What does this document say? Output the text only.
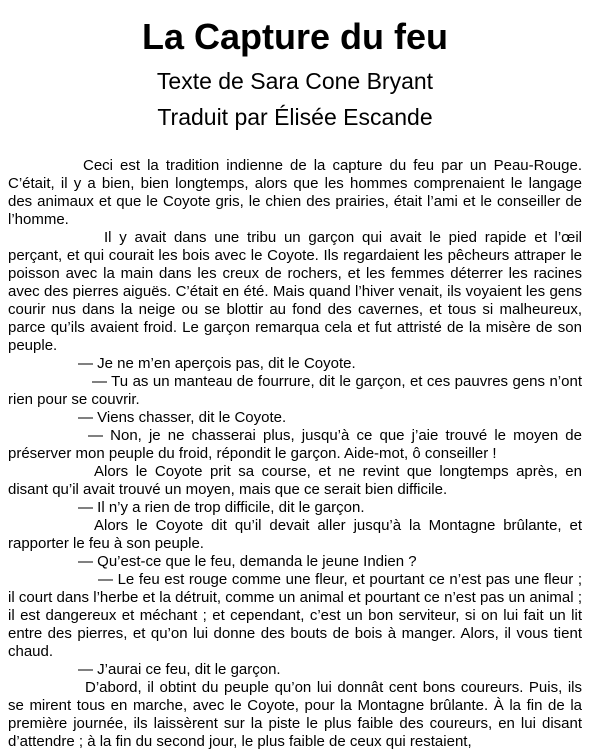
La Capture du feu
Texte de Sara Cone Bryant
Traduit par Élisée Escande

Ceci est la tradition indienne de la capture du feu par un Peau-Rouge. C’était, il y a bien, bien longtemps, alors que les hommes comprenaient le langage des animaux et que le Coyote gris, le chien des prairies, était l’ami et le conseiller de l’homme.

Il y avait dans une tribu un garçon qui avait le pied rapide et l’œil perçant, et qui courait les bois avec le Coyote. Ils regardaient les pêcheurs attraper le poisson avec la main dans les creux de rochers, et les femmes déterrer les racines avec des pierres aiguës. C’était en été. Mais quand l’hiver venait, ils voyaient les gens courir nus dans la neige ou se blottir au fond des cavernes, et tous si malheureux, parce qu’ils avaient froid. Le garçon remarqua cela et fut attristé de la misère de son peuple.

— Je ne m’en aperçois pas, dit le Coyote.

— Tu as un manteau de fourrure, dit le garçon, et ces pauvres gens n’ont rien pour se couvrir.

— Viens chasser, dit le Coyote.

— Non, je ne chasserai plus, jusqu’à ce que j’aie trouvé le moyen de préserver mon peuple du froid, répondit le garçon. Aide-mot, ô conseiller !

Alors le Coyote prit sa course, et ne revint que longtemps après, en disant qu’il avait trouvé un moyen, mais que ce serait bien difficile.

— Il n’y a rien de trop difficile, dit le garçon.

Alors le Coyote dit qu’il devait aller jusqu’à la Montagne brûlante, et rapporter le feu à son peuple.

— Qu’est-ce que le feu, demanda le jeune Indien ?

— Le feu est rouge comme une fleur, et pourtant ce n’est pas une fleur ; il court dans l’herbe et la détruit, comme un animal et pourtant ce n’est pas un animal ; il est dangereux et méchant ; et cependant, c’est un bon serviteur, si on lui fait un lit entre des pierres, et qu’on lui donne des bouts de bois à manger. Alors, il vous tient chaud.

— J’aurai ce feu, dit le garçon.

D’abord, il obtint du peuple qu’on lui donnât cent bons coureurs. Puis, ils se mirent tous en marche, avec le Coyote, pour la Montagne brûlante. À la fin de la première journée, ils laissèrent sur la piste le plus faible des coureurs, en lui disant d’attendre ; à la fin du second jour, le plus faible de ceux qui restaient,
